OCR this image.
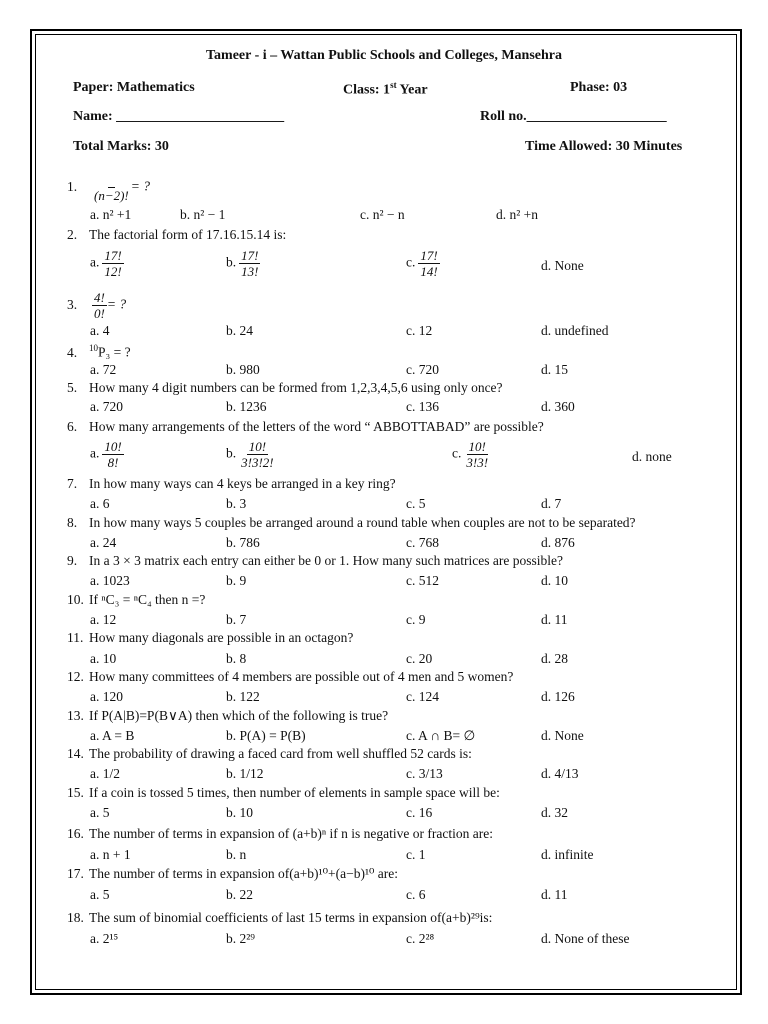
Tameer - i – Wattan Public Schools and Colleges, Mansehra
Paper: Mathematics	Class: 1st Year	Phase: 03
Name: ________________________	Roll no.____________________
Total Marks: 30	Time Allowed: 30 Minutes
1.

(n−2)!
= ?
a. n² +1	b. n² − 1	c. n² − n	d. n² +n
2. The factorial form of 17.16.15.14 is:
a. $\frac{17!}{12!}$	b. $\frac{17!}{13!}$	c. $\frac{17!}{14!}$	d. None
3. $\frac{4!}{0!}$ = ?
a. 4	b. 24	c. 12	d. undefined
4. $^{10}$P₃ = ?
a. 72	b. 980	c. 720	d. 15
5. How many 4 digit numbers can be formed from 1,2,3,4,5,6 using only once?
a. 720	b. 1236	c. 136	d. 360
6. How many arrangements of the letters of the word “ ABBOTTABAD” are possible?
a. $\frac{10!}{8!}$	b. $\frac{10!}{3!3!2!}$	c. $\frac{10!}{3!3!}$	d. none
7. In how many ways can 4 keys be arranged in a key ring?
a. 6	b. 3	c. 5	d. 7
8. In how many ways 5 couples be arranged around a round table when couples are not to be separated?
a. 24	b. 786	c. 768	d. 876
9. In a 3 × 3 matrix each entry can either be 0 or 1. How many such matrices are possible?
a. 1023	b. 9	c. 512	d. 10
10. If ⁿC₃ = ⁿC₄ then n =?
a. 12	b. 7	c. 9	d. 11
11. How many diagonals are possible in an octagon?
a. 10	b. 8	c. 20	d. 28
12. How many committees of 4 members are possible out of 4 men and 5 women?
a. 120	b. 122	c. 124	d. 126
13. If P(A|B)=P(B∨A) then which of the following is true?
a. A = B	b. P(A) = P(B)	c. A ∩ B= ∅	d. None
14. The probability of drawing a faced card from well shuffled 52 cards is:
a. 1/2	b. 1/12	c. 3/13	d. 4/13
15. If a coin is tossed 5 times, then number of elements in sample space will be:
a. 5	b. 10	c. 16	d. 32
16. The number of terms in expansion of (a+b)ⁿ if n is negative or fraction are:
a. n + 1	b. n	c. 1	d. infinite
17. The number of terms in expansion of(a+b)¹⁰+(a−b)¹⁰ are:
a. 5	b. 22	c. 6	d. 11
18. The sum of binomial coefficients of last 15 terms in expansion of(a+b)²⁹is:
a. 2¹⁵	b. 2²⁹	c. 2²⁸	d. None of these
